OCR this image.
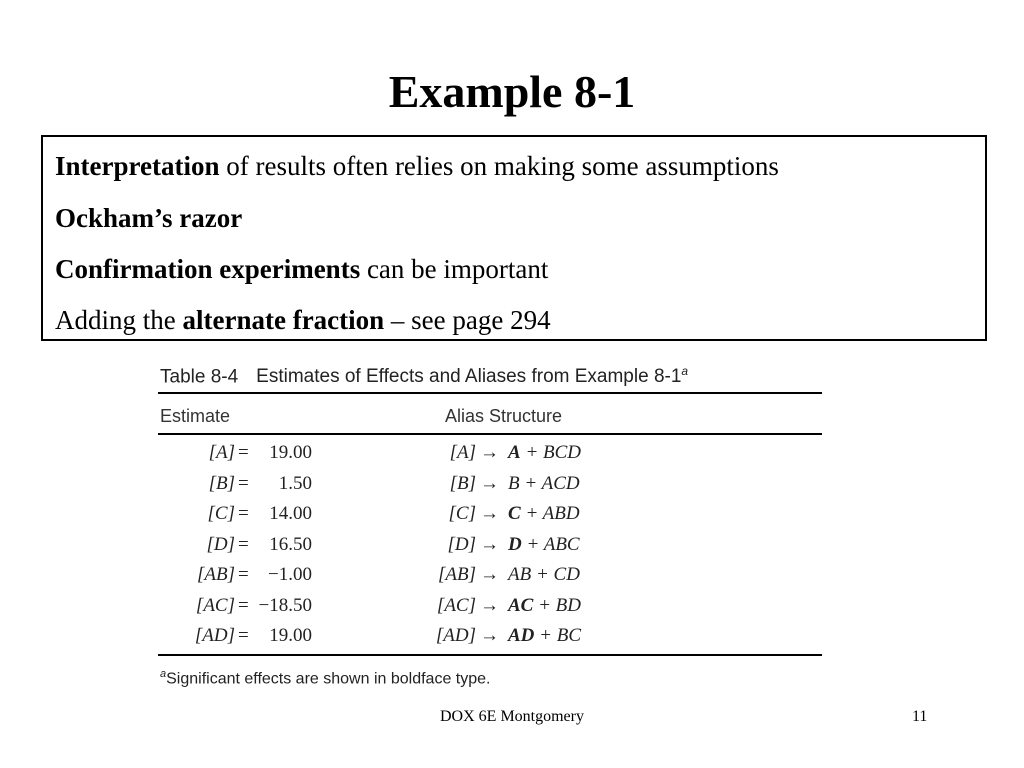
Example 8-1
Interpretation of results often relies on making some assumptions
Ockham’s razor
Confirmation experiments can be important
Adding the alternate fraction – see page 294
Table 8-4 Estimates of Effects and Aliases from Example 8-1$^a$
Estimate	Alias Structure
[A] = 19.00	[A] → A + BCD
[B] = 1.50	[B] → B + ACD
[C] = 14.00	[C] → C + ABD
[D] = 16.50	[D] → D + ABC
[AB] = −1.00	[AB] → AB + CD
[AC] = −18.50	[AC] → AC + BD
[AD] = 19.00	[AD] → AD + BC
$^a$Significant effects are shown in boldface type.
DOX 6E Montgomery	11
